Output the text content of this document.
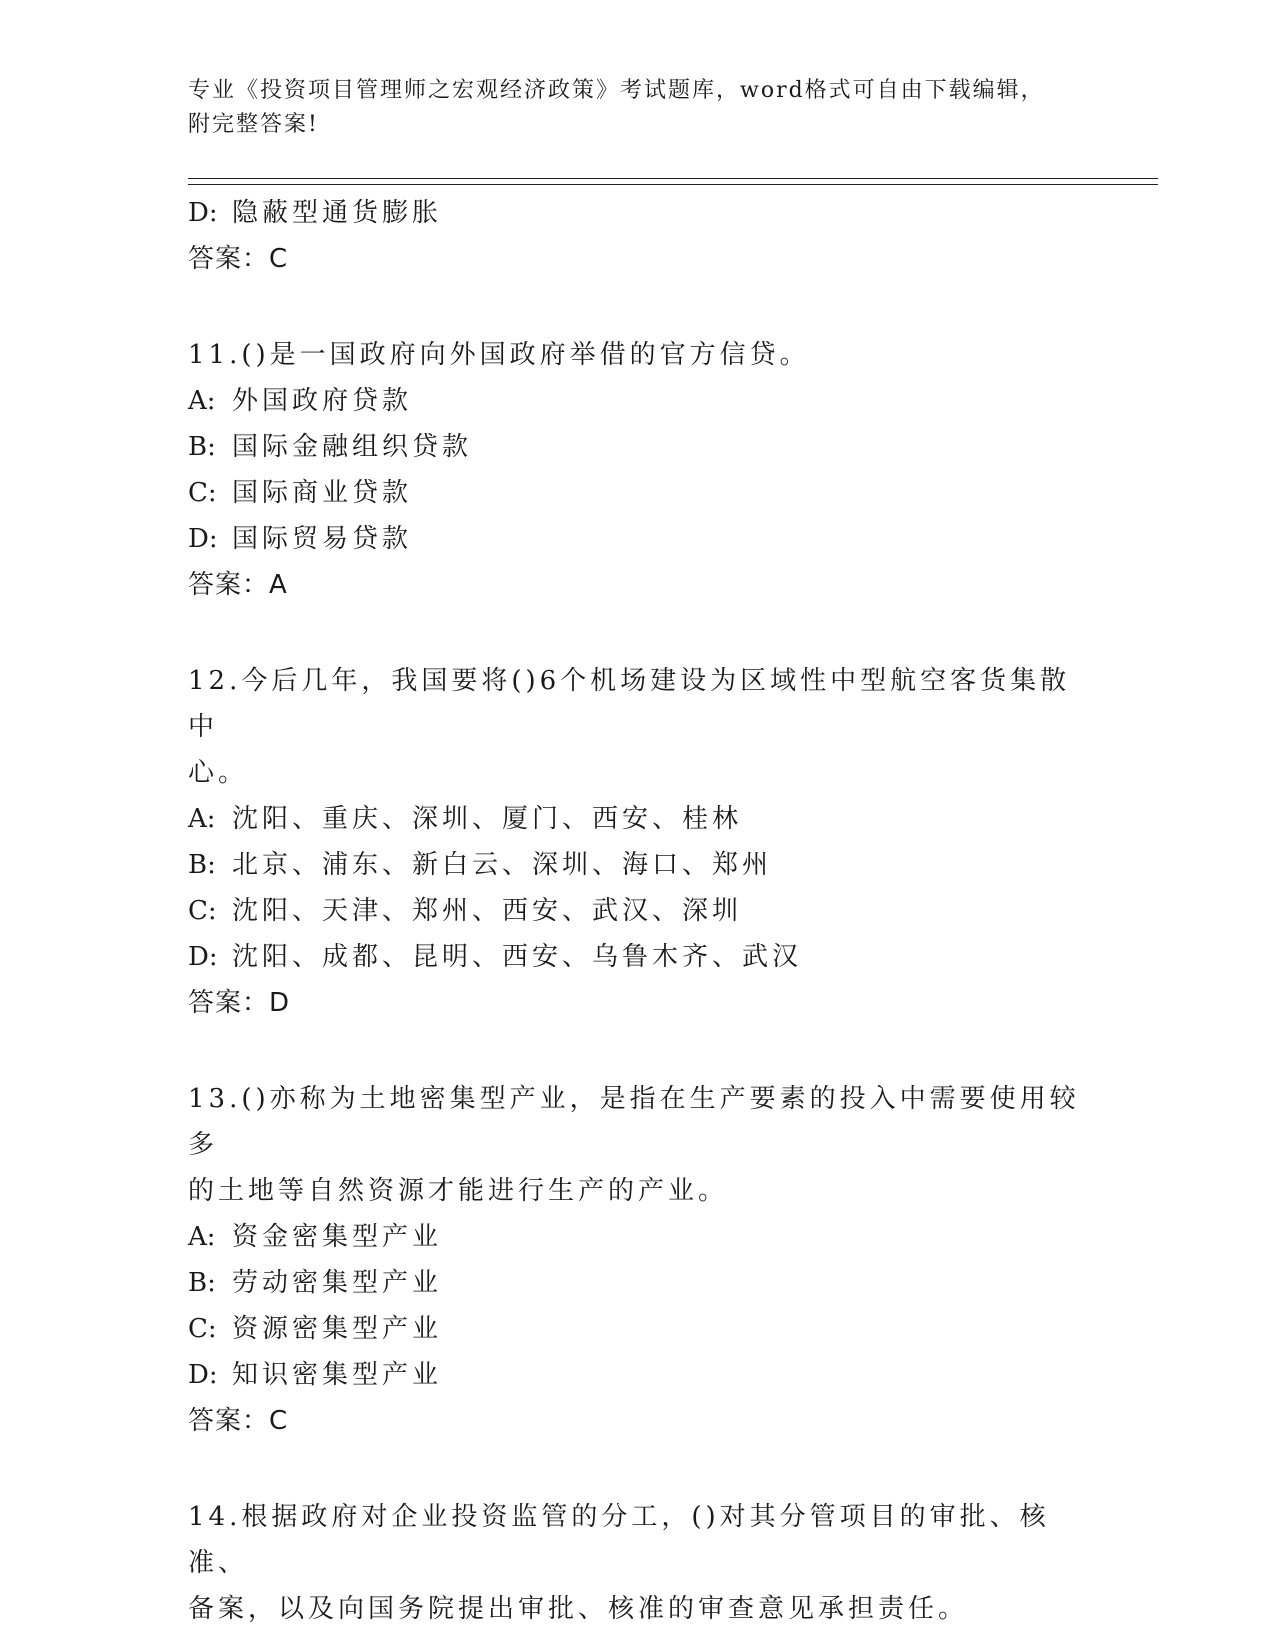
专业《投资项目管理师之宏观经济政策》考试题库，word格式可自由下载编辑，
附完整答案!
D: 隐蔽型通货膨胀
答案：C
11.()是一国政府向外国政府举借的官方信贷。
A: 外国政府贷款
B: 国际金融组织贷款
C: 国际商业贷款
D: 国际贸易贷款
答案：A
12.今后几年，我国要将()6个机场建设为区域性中型航空客货集散中
心。
A: 沈阳、重庆、深圳、厦门、西安、桂林
B: 北京、浦东、新白云、深圳、海口、郑州
C: 沈阳、天津、郑州、西安、武汉、深圳
D: 沈阳、成都、昆明、西安、乌鲁木齐、武汉
答案：D
13.()亦称为土地密集型产业，是指在生产要素的投入中需要使用较多
的土地等自然资源才能进行生产的产业。
A: 资金密集型产业
B: 劳动密集型产业
C: 资源密集型产业
D: 知识密集型产业
答案：C
14.根据政府对企业投资监管的分工，()对其分管项目的审批、核准、
备案，以及向国务院提出审批、核准的审查意见承担责任。
